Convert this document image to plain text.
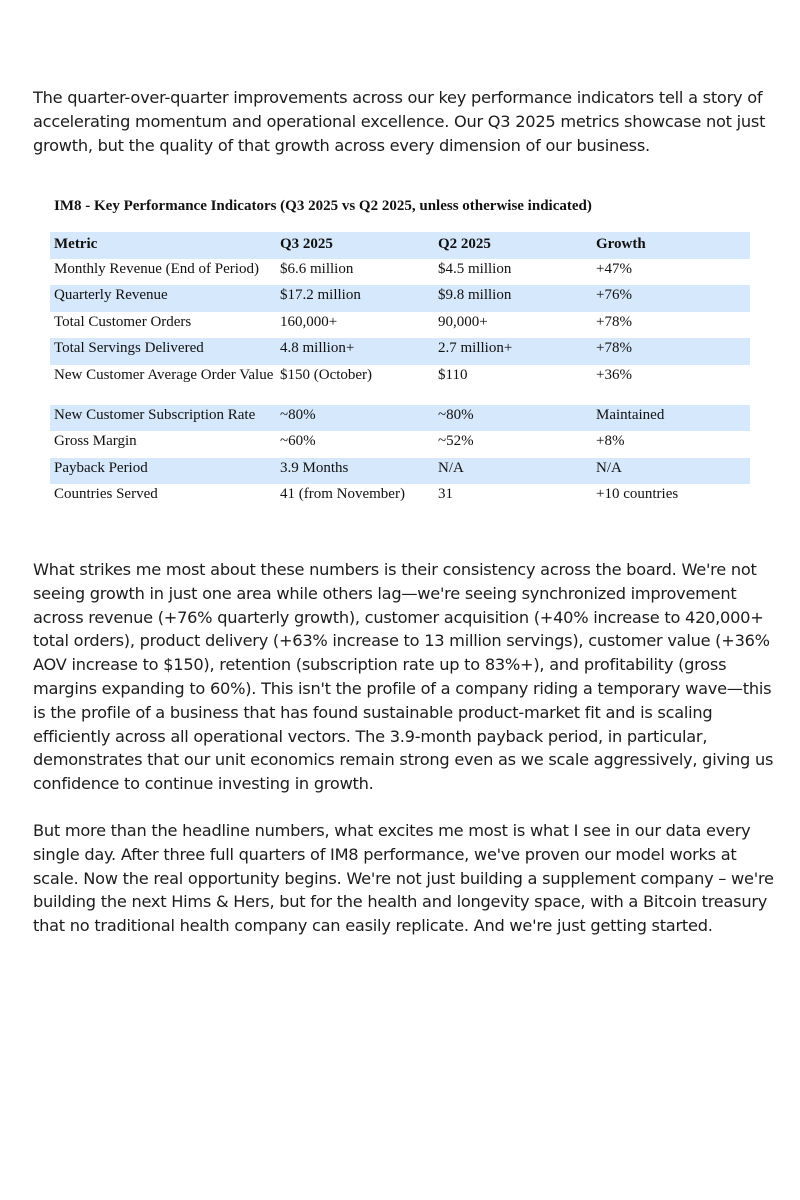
The quarter-over-quarter improvements across our key performance indicators tell a story of accelerating momentum and operational excellence. Our Q3 2025 metrics showcase not just growth, but the quality of that growth across every dimension of our business.

IM8 - Key Performance Indicators (Q3 2025 vs Q2 2025, unless otherwise indicated)
Metric	Q3 2025	Q2 2025	Growth
Monthly Revenue (End of Period)	$6.6 million	$4.5 million	+47%
Quarterly Revenue	$17.2 million	$9.8 million	+76%
Total Customer Orders	160,000+	90,000+	+78%
Total Servings Delivered	4.8 million+	2.7 million+	+78%
New Customer Average Order Value	$150 (October)	$110	+36%
New Customer Subscription Rate	~80%	~80%	Maintained
Gross Margin	~60%	~52%	+8%
Payback Period	3.9 Months	N/A	N/A
Countries Served	41 (from November)	31	+10 countries

What strikes me most about these numbers is their consistency across the board. We're not seeing growth in just one area while others lag—we're seeing synchronized improvement across revenue (+76% quarterly growth), customer acquisition (+40% increase to 420,000+ total orders), product delivery (+63% increase to 13 million servings), customer value (+36% AOV increase to $150), retention (subscription rate up to 83%+), and profitability (gross margins expanding to 60%). This isn't the profile of a company riding a temporary wave—this is the profile of a business that has found sustainable product-market fit and is scaling efficiently across all operational vectors. The 3.9-month payback period, in particular, demonstrates that our unit economics remain strong even as we scale aggressively, giving us confidence to continue investing in growth.

But more than the headline numbers, what excites me most is what I see in our data every single day. After three full quarters of IM8 performance, we've proven our model works at scale. Now the real opportunity begins. We're not just building a supplement company – we're building the next Hims & Hers, but for the health and longevity space, with a Bitcoin treasury that no traditional health company can easily replicate. And we're just getting started.
